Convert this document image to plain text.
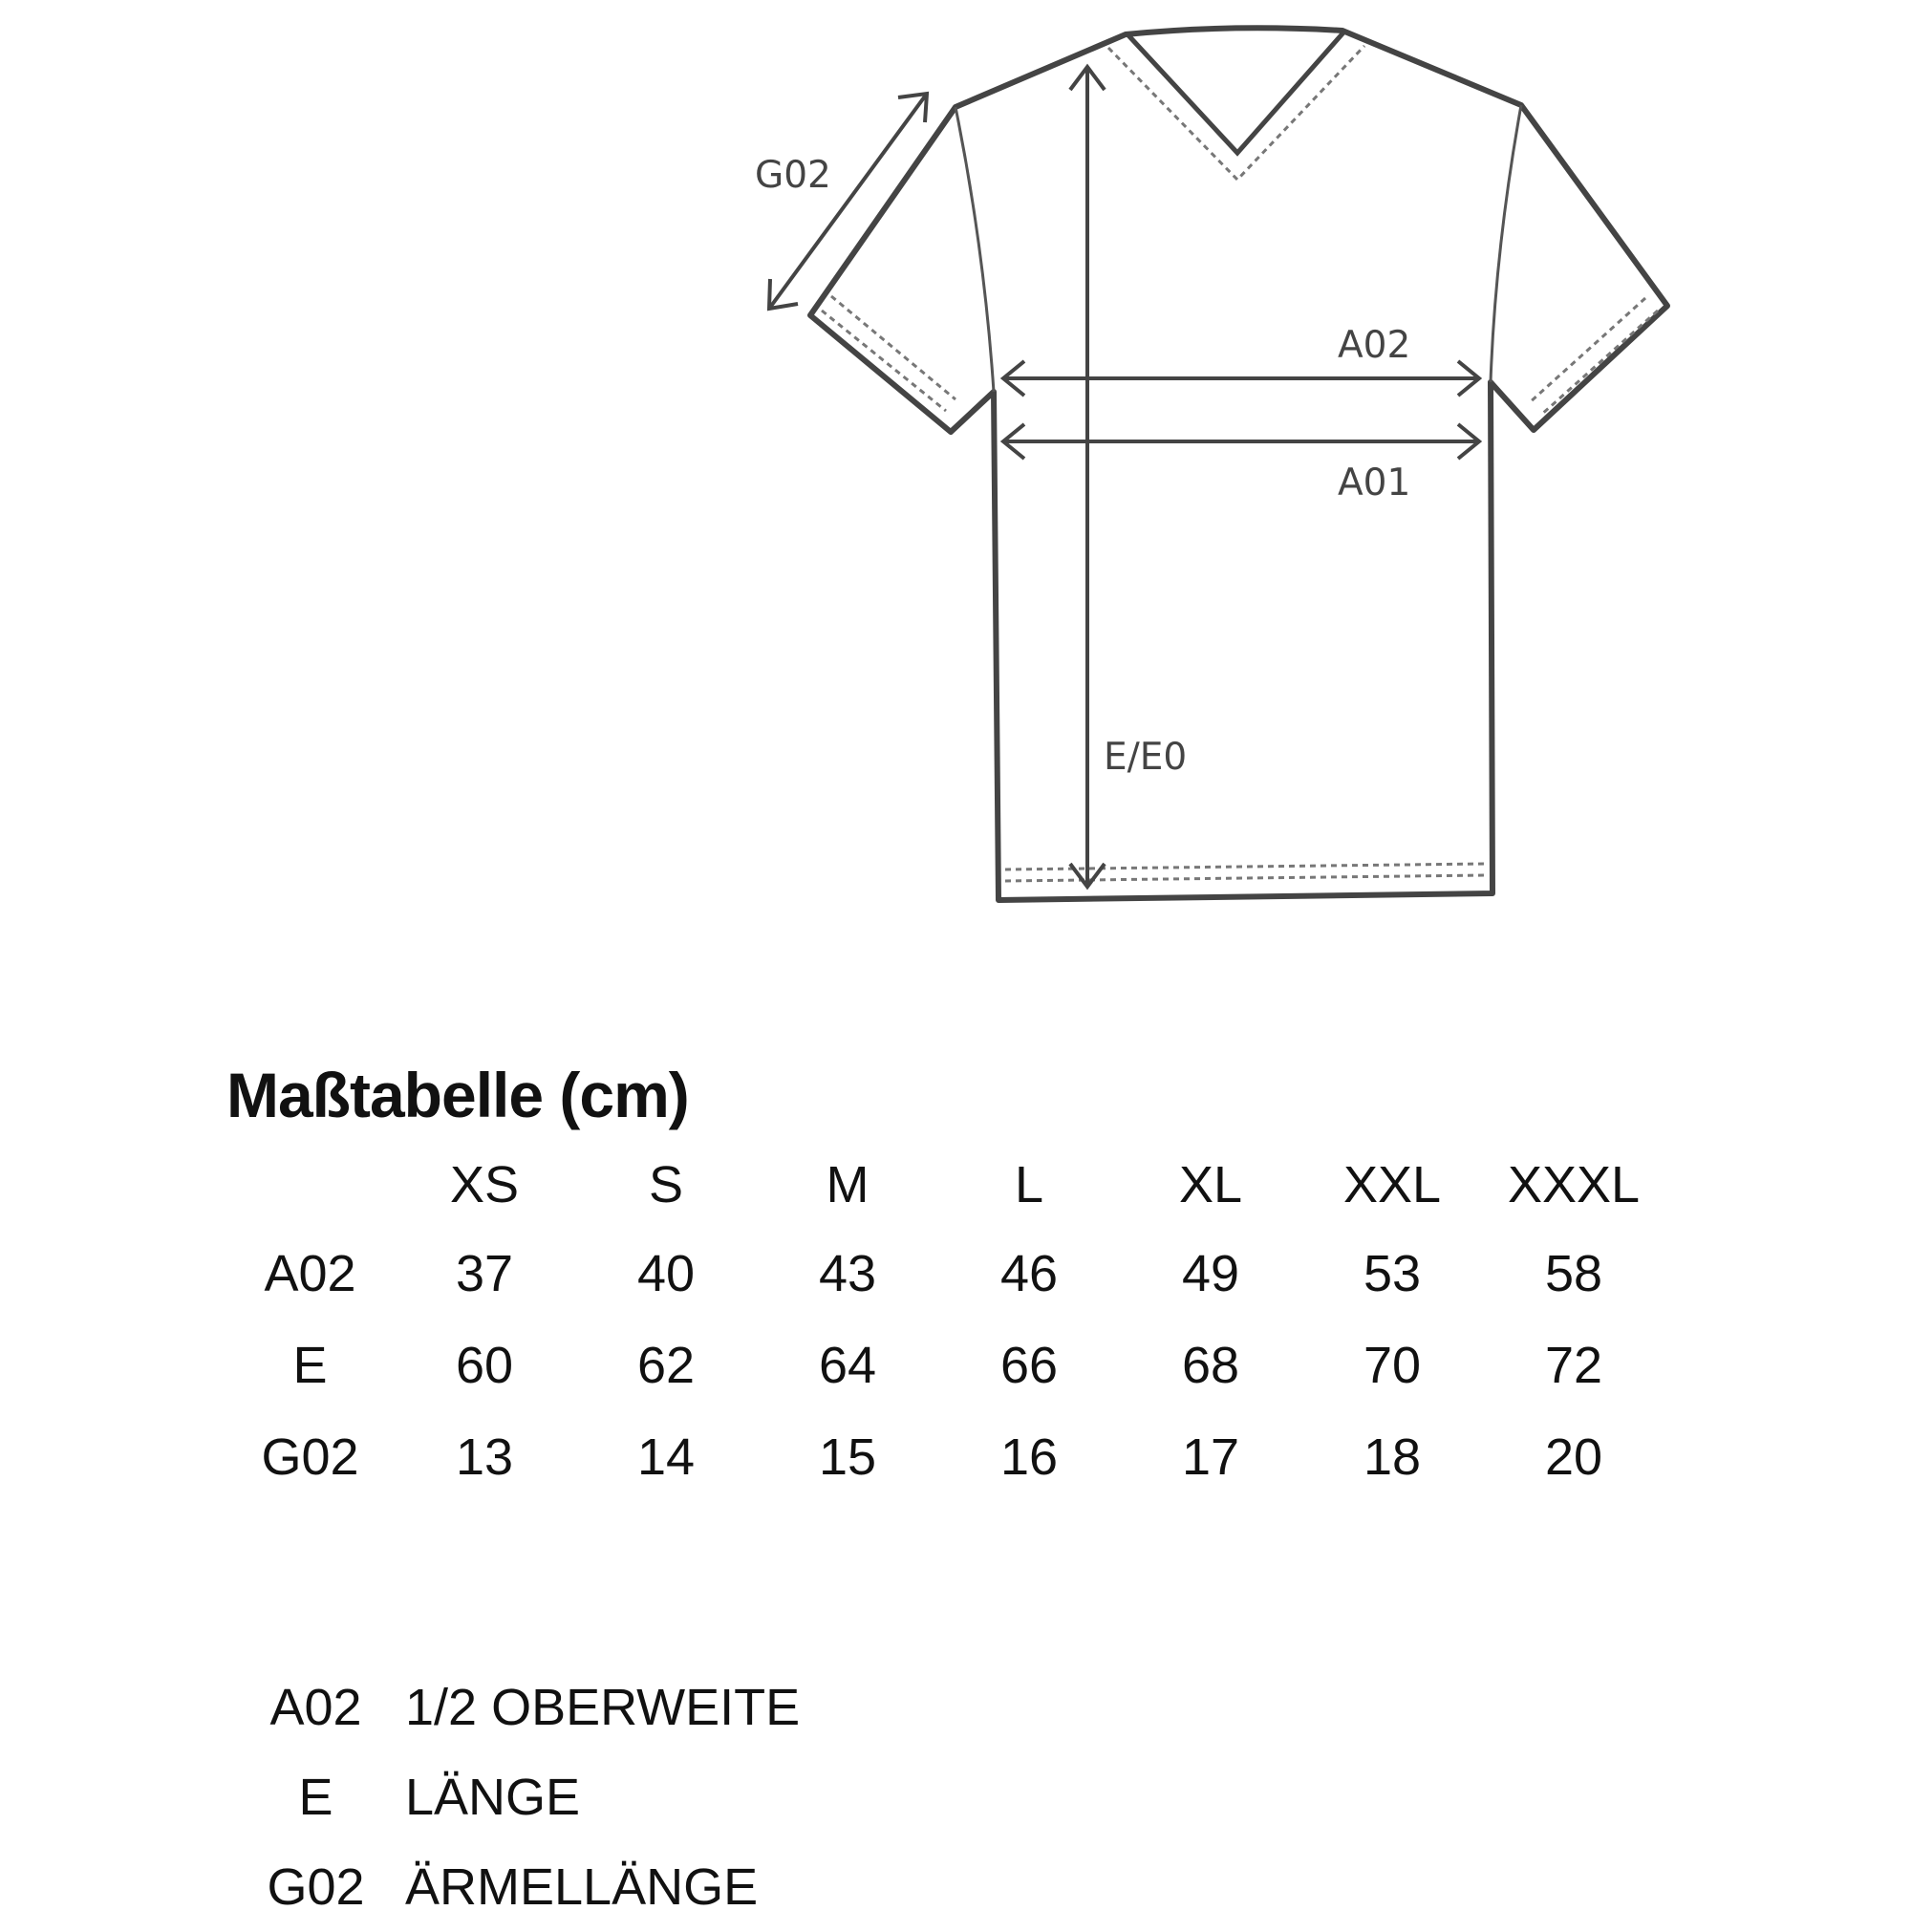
G02
A02
A01
E/E0
Maßtabelle (cm)
	XS	S	M	L	XL	XXL	XXXL
A02	37	40	43	46	49	53	58
E	60	62	64	66	68	70	72
G02	13	14	15	16	17	18	20
A02 1/2 OBERWEITE
E	LÄNGE
G02 ÄRMELLÄNGE
